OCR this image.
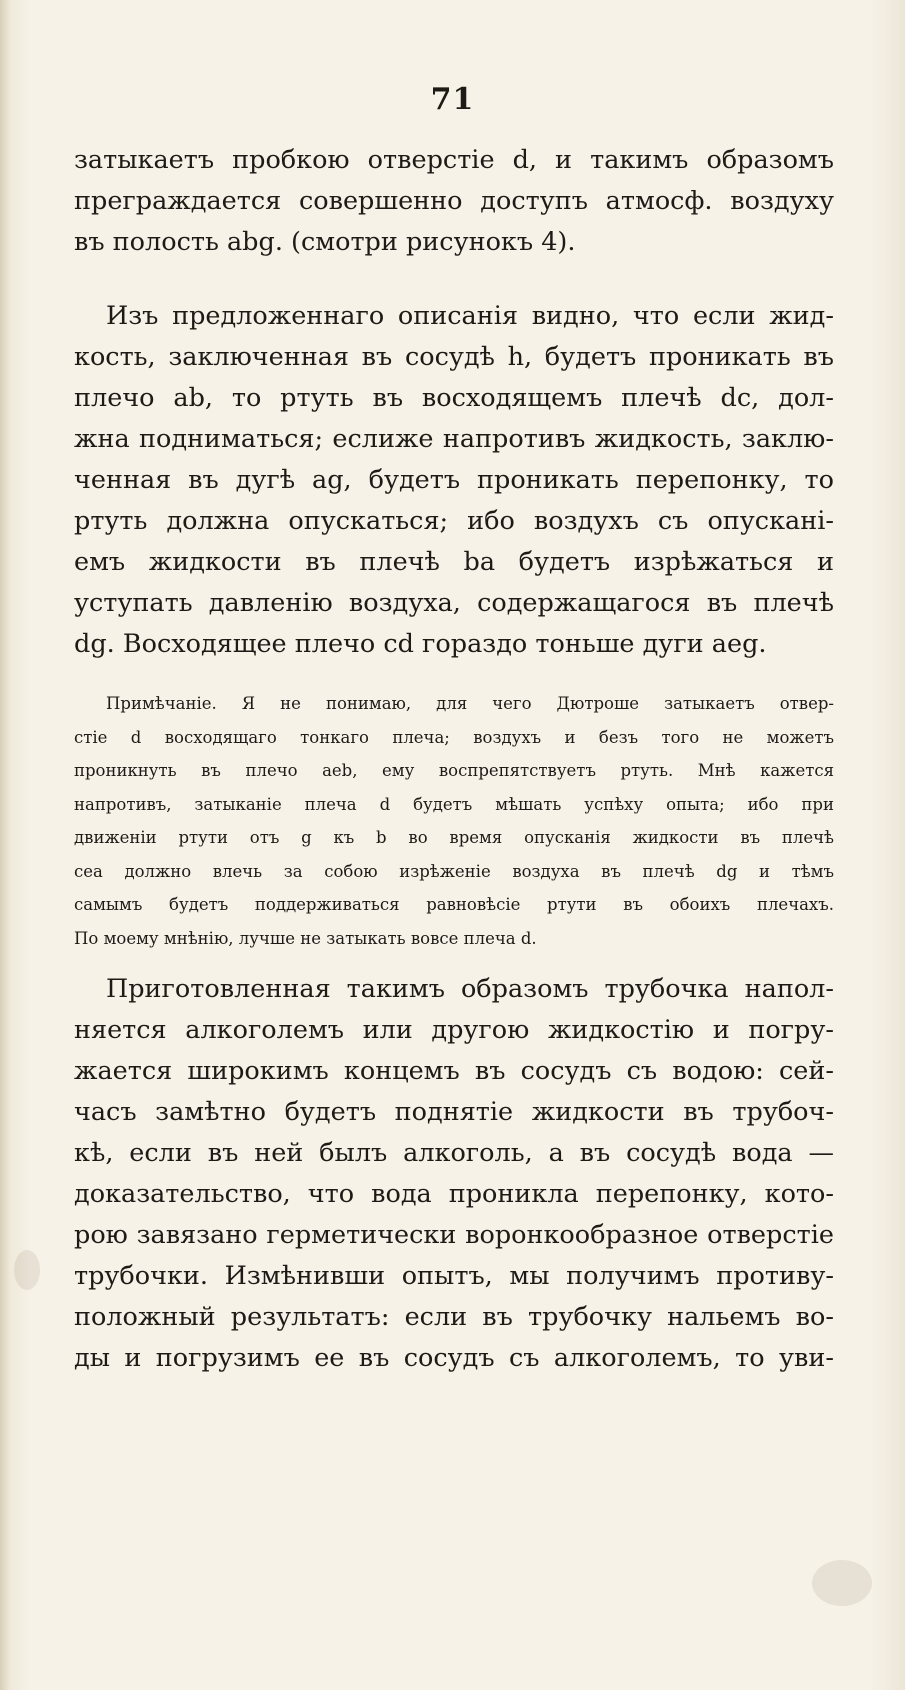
71
затыкаетъ пробкою отверстіе d, и такимъ образомъ
преграждается совершенно доступъ атмосф. воздуху
въ полость abg. (смотри рисунокъ 4).
Изъ предложеннаго описанія видно, что если жид-
кость, заключенная въ сосудѣ h, будетъ проникать въ
плечо ab, то ртуть въ восходящемъ плечѣ dc, дол-
жна подниматься; еслиже напротивъ жидкость, заклю-
ченная въ дугѣ ag, будетъ проникать перепонку, то
ртуть должна опускаться; ибо воздухъ съ опусканi-
емъ жидкости въ плечѣ ba будетъ изрѣжаться и
уступать давленію воздуха, содержащагося въ плечѣ
dg. Восходящее плечо cd гораздо тоньше дуги aeg.
Примѣчаніе. Я не понимаю, для чего Дютроше затыкаетъ отвер-
стіе d восходящаго тонкаго плеча; воздухъ и безъ того не можетъ
проникнуть въ плечо aeb, ему воспрепятствуетъ ртуть. Мнѣ кажется
напротивъ, затыканіе плеча d будетъ мѣшать успѣху опыта; ибо при
движеніи ртути отъ g къ b во время опусканія жидкости въ плечѣ
cea должно влечь за собою изрѣженіе воздуха въ плечѣ dg и тѣмъ
самымъ будетъ поддерживаться равновѣсіе ртути въ обоихъ плечахъ.
По моему мнѣнію, лучше не затыкать вовсе плеча d.
Приготовленная такимъ образомъ трубочка напол-
няется алкоголемъ или другою жидкостію и погру-
жается широкимъ концемъ въ сосудъ съ водою: сей-
часъ замѣтно будетъ поднятіе жидкости въ трубоч-
кѣ, если въ ней былъ алкоголь, а въ сосудѣ вода —
доказательство, что вода проникла перепонку, кото-
рою завязано герметически воронкообразное отверстіе
трубочки. Измѣнивши опытъ, мы получимъ противу-
положный результатъ: если въ трубочку нальемъ во-
ды и погрузимъ ее въ сосудъ съ алкоголемъ, то уви-
